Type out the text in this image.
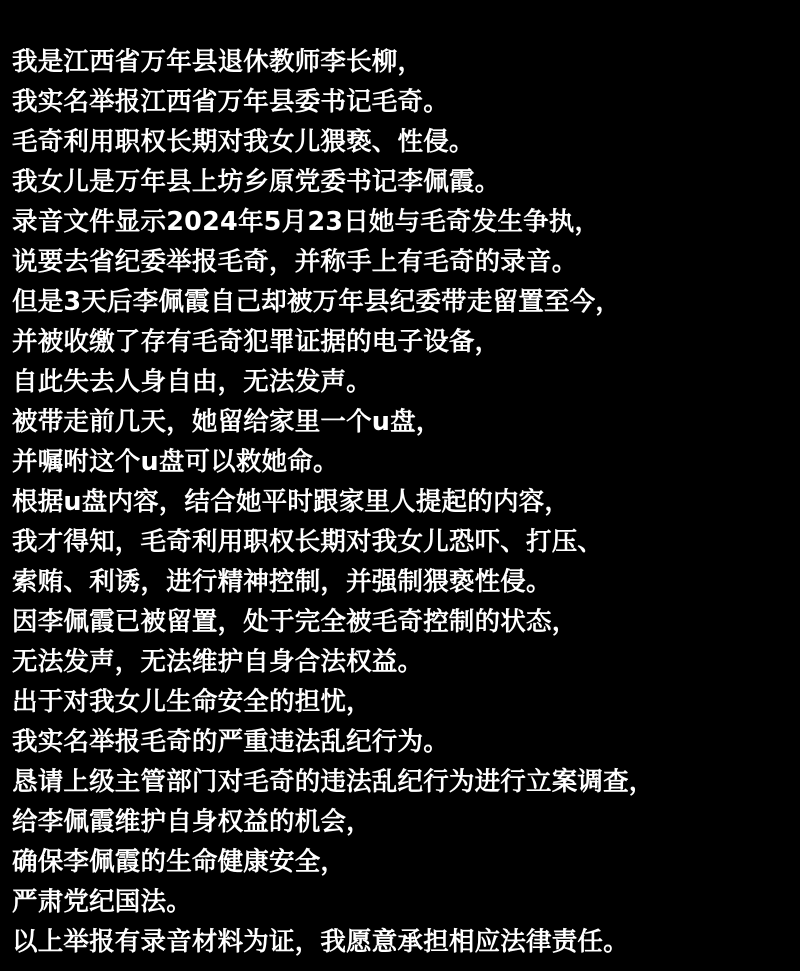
我是江西省万年县退休教师李长柳，
我实名举报江西省万年县委书记毛奇。
毛奇利用职权长期对我女儿猥亵、性侵。
我女儿是万年县上坊乡原党委书记李佩霞。
录音文件显示2024年5月23日她与毛奇发生争执，
说要去省纪委举报毛奇，并称手上有毛奇的录音。
但是3天后李佩霞自己却被万年县纪委带走留置至今，
并被收缴了存有毛奇犯罪证据的电子设备，
自此失去人身自由，无法发声。
被带走前几天，她留给家里一个u盘，
并嘱咐这个u盘可以救她命。
根据u盘内容，结合她平时跟家里人提起的内容，
我才得知，毛奇利用职权长期对我女儿恐吓、打压、
索贿、利诱，进行精神控制，并强制猥亵性侵。
因李佩霞已被留置，处于完全被毛奇控制的状态，
无法发声，无法维护自身合法权益。
出于对我女儿生命安全的担忧，
我实名举报毛奇的严重违法乱纪行为。
恳请上级主管部门对毛奇的违法乱纪行为进行立案调查，
给李佩霞维护自身权益的机会，
确保李佩霞的生命健康安全，
严肃党纪国法。
以上举报有录音材料为证，我愿意承担相应法律责任。
